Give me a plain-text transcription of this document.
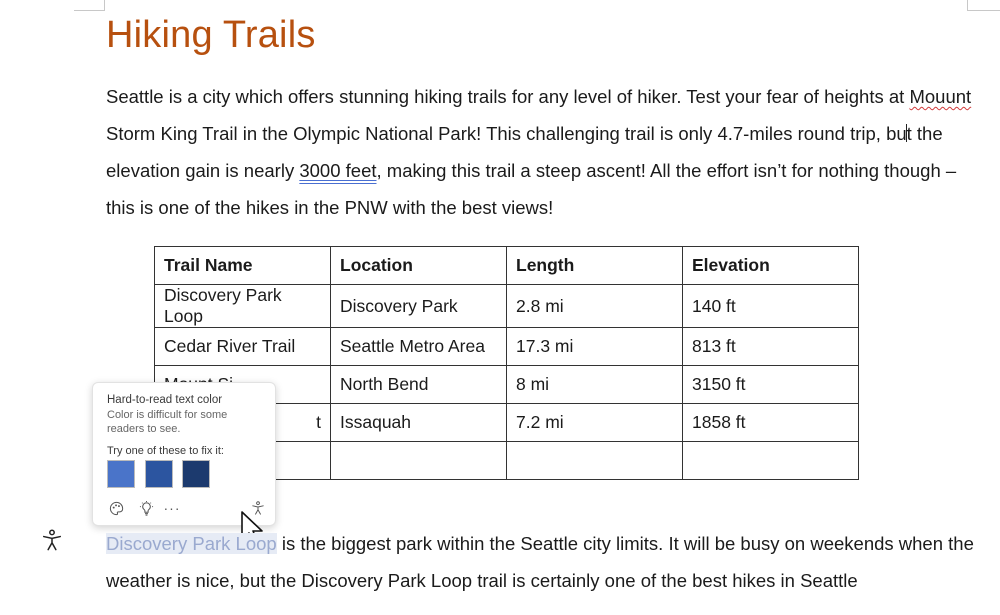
Hiking Trails
Seattle is a city which offers stunning hiking trails for any level of hiker. Test your fear of heights at Mouunt Storm King Trail in the Olympic National Park! This challenging trail is only 4.7-miles round trip, but the elevation gain is nearly 3000 feet, making this trail a steep ascent! All the effort isn’t for nothing though – this is one of the hikes in the PNW with the best views!
Trail Name	Location	Length	Elevation
Discovery Park Loop	Discovery Park	2.8 mi	140 ft
Cedar River Trail	Seattle Metro Area	17.3 mi	813 ft
	North Bend	8 mi	3150 ft
t	Issaquah	7.2 mi	1858 ft

Hard-to-read text color
Color is difficult for some readers to see.
Try one of these to fix it:
···
Discovery Park Loop is the biggest park within the Seattle city limits. It will be busy on weekends when the weather is nice, but the Discovery Park Loop trail is certainly one of the best hikes in Seattle
